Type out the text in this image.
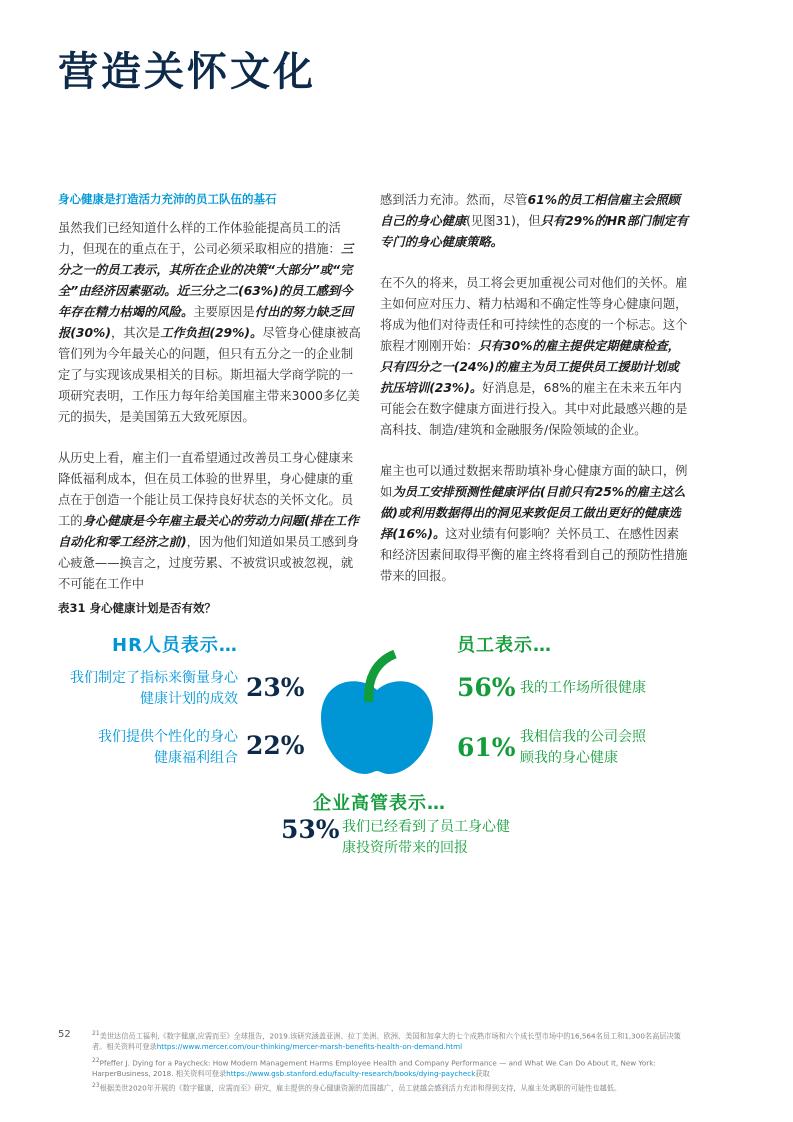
营造关怀文化
身心健康是打造活力充沛的员工队伍的基石

虽然我们已经知道什么样的工作体验能提高员工的活力，但现在的重点在于，公司必须采取相应的措施：三分之一的员工表示，其所在企业的决策“大部分”或“完全”由经济因素驱动。近三分之二(63%)的员工感到今年存在精力枯竭的风险。主要原因是付出的努力缺乏回报(30%)，其次是工作负担(29%)。尽管身心健康被高管们列为今年最关心的问题，但只有五分之一的企业制定了与实现该成果相关的目标。斯坦福大学商学院的一项研究表明，工作压力每年给美国雇主带来3000多亿美元的损失，是美国第五大致死原因。

从历史上看，雇主们一直希望通过改善员工身心健康来降低福利成本，但在员工体验的世界里，身心健康的重点在于创造一个能让员工保持良好状态的关怀文化。员工的身心健康是今年雇主最关心的劳动力问题(排在工作自动化和零工经济之前)，因为他们知道如果员工感到身心疲惫——换言之，过度劳累、不被赏识或被忽视，就不可能在工作中

感到活力充沛。然而，尽管61%的员工相信雇主会照顾自己的身心健康(见图31)，但只有29%的HR部门制定有专门的身心健康策略。

在不久的将来，员工将会更加重视公司对他们的关怀。雇主如何应对压力、精力枯竭和不确定性等身心健康问题，将成为他们对待责任和可持续性的态度的一个标志。这个旅程才刚刚开始：只有30%的雇主提供定期健康检查，只有四分之一(24%)的雇主为员工提供员工援助计划或抗压培训(23%)。好消息是，68%的雇主在未来五年内可能会在数字健康方面进行投入。其中对此最感兴趣的是高科技、制造/建筑和金融服务/保险领域的企业。

雇主也可以通过数据来帮助填补身心健康方面的缺口，例如为员工安排预测性健康评估(目前只有25%的雇主这么做)或利用数据得出的洞见来敦促员工做出更好的健康选择(16%)。这对业绩有何影响？关怀员工、在感性因素和经济因素间取得平衡的雇主终将看到自己的预防性措施带来的回报。

表31 身心健康计划是否有效？
HR人员表示…	员工表示…
我们制定了指标来衡量身心健康计划的成效 23%
我们提供个性化的身心健康福利组合 22%
56% 我的工作场所很健康
61% 我相信我的公司会照顾我的身心健康
企业高管表示…
53% 我们已经看到了员工身心健康投资所带来的回报
52	$^{21}$美世达信员工福利,《数字健康,应需而至》全球报告，2019.该研究涵盖亚洲、拉丁美洲、欧洲、美国和加拿大的七个成熟市场和六个成长型市场中的16,564名员工和1,300名高层决策者。相关资料可登录https://www.mercer.com/our-thinking/mercer-marsh-benefits-health-on-demand.html
$^{22}$Pfeffer J. Dying for a Paycheck: How Modern Management Harms Employee Health and Company Performance — and What We Can Do About It, New York: HarperBusiness, 2018. 相关资料可登录https://www.gsb.stanford.edu/faculty-research/books/dying-paycheck获取
$^{23}$根据美世2020年开展的《数字健康，应需而至》研究，雇主提供的身心健康资源的范围越广，员工就越会感到活力充沛和得到支持，从雇主处离职的可能性也越低。
